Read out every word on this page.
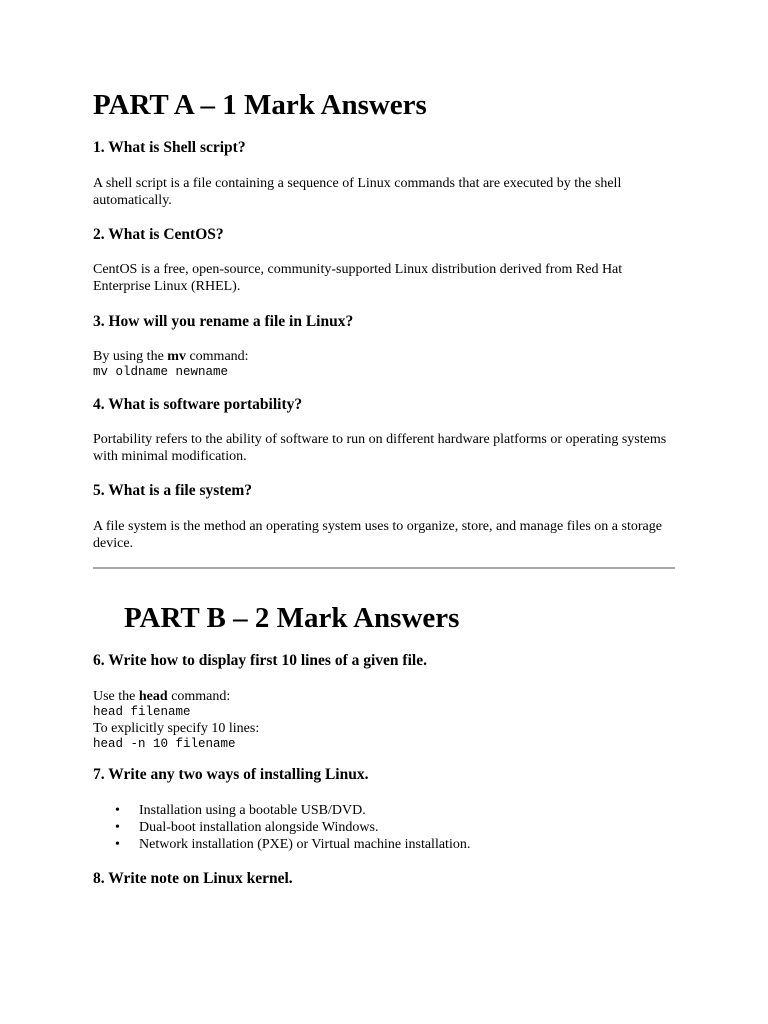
PART A – 1 Mark Answers
1. What is Shell script?

A shell script is a file containing a sequence of Linux commands that are executed by the shell automatically.

2. What is CentOS?

CentOS is a free, open-source, community-supported Linux distribution derived from Red Hat Enterprise Linux (RHEL).

3. How will you rename a file in Linux?
By using the mv command:
mv oldname newname
4. What is software portability?

Portability refers to the ability of software to run on different hardware platforms or operating systems with minimal modification.

5. What is a file system?

A file system is the method an operating system uses to organize, store, and manage files on a storage device.

PART B – 2 Mark Answers
6. Write how to display first 10 lines of a given file.
Use the head command:
head filename
To explicitly specify 10 lines:
head -n 10 filename
7. Write any two ways of installing Linux.
• Installation using a bootable USB/DVD.
• Dual-boot installation alongside Windows.
• Network installation (PXE) or Virtual machine installation.
8. Write note on Linux kernel.
